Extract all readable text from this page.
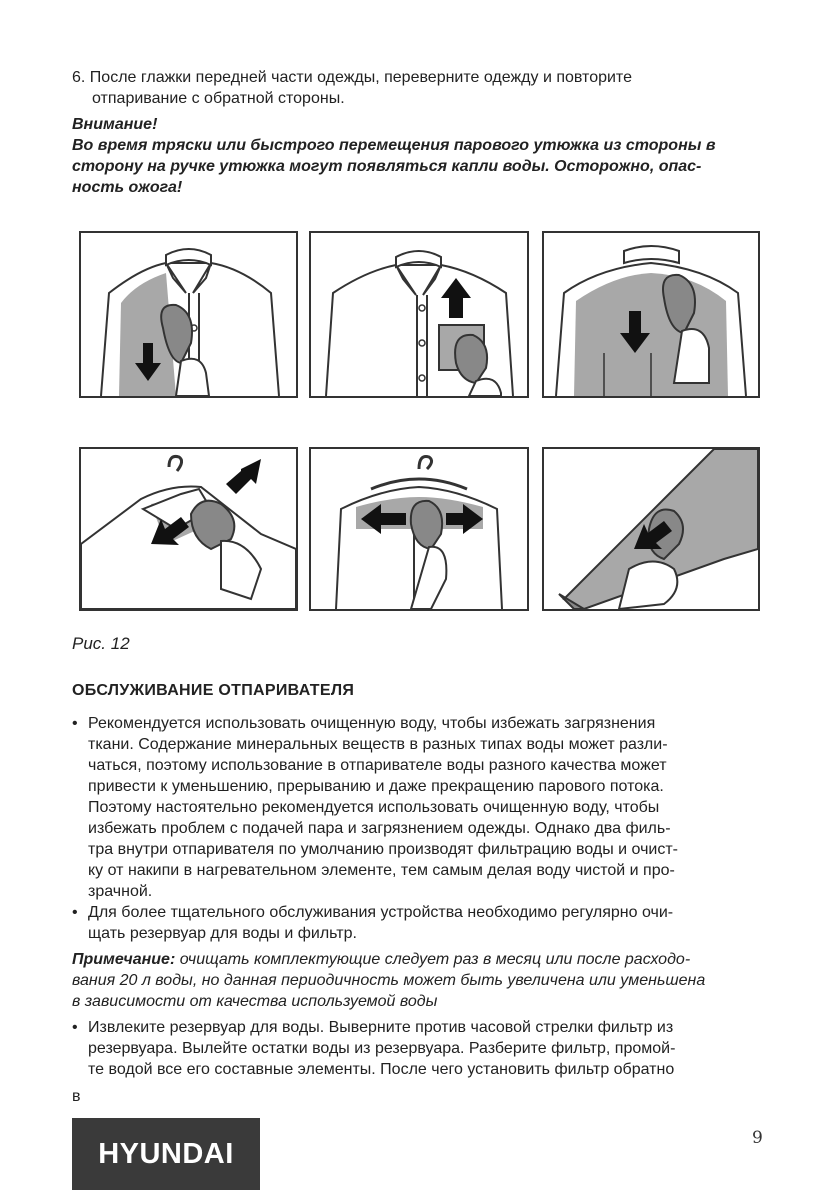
6. После глажки передней части одежды, переверните одежду и повторите
отпаривание с обратной стороны.
Внимание!
Во время тряски или быстрого перемещения парового утюжка из стороны в
сторону на ручке утюжка могут появляться капли воды. Осторожно, опас-
ность ожога!
Рис. 12
ОБСЛУЖИВАНИЕ ОТПАРИВАТЕЛЯ
• Рекомендуется использовать очищенную воду, чтобы избежать загрязнения
ткани. Содержание минеральных веществ в разных типах воды может разли-
чаться, поэтому использование в отпаривателе воды разного качества может
привести к уменьшению, прерыванию и даже прекращению парового потока.
Поэтому настоятельно рекомендуется использовать очищенную воду, чтобы
избежать проблем с подачей пара и загрязнением одежды. Однако два филь-
тра внутри отпаривателя по умолчанию производят фильтрацию воды и очист-
ку от накипи в нагревательном элементе, тем самым делая воду чистой и про-
зрачной.
• Для более тщательного обслуживания устройства необходимо регулярно очи-
щать резервуар для воды и фильтр.
Примечание: очищать комплектующие следует раз в месяц или после расходо-
вания 20 л воды, но данная периодичность может быть увеличена или уменьшена
в зависимости от качества используемой воды
• Извлеките резервуар для воды. Выверните против часовой стрелки фильтр из
резервуара. Вылейте остатки воды из резервуара. Разберите фильтр, промой-
те водой все его составные элементы. После чего установить фильтр обратно
в
HYUNDAI	9
